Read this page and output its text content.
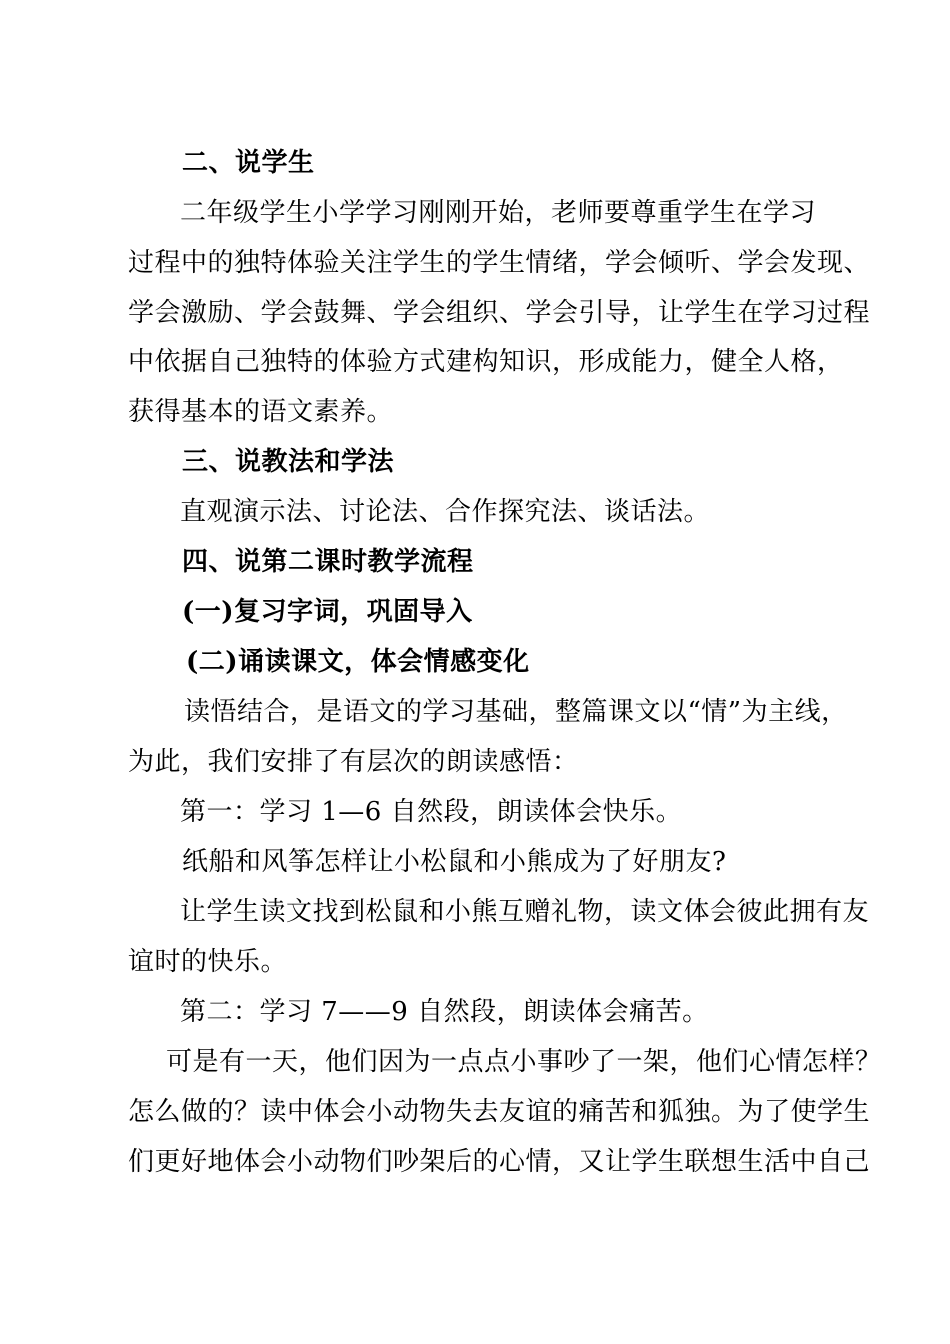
二、说学生
二年级学生小学学习刚刚开始，老师要尊重学生在学习
过程中的独特体验关注学生的学生情绪，学会倾听、学会发现、
学会激励、学会鼓舞、学会组织、学会引导，让学生在学习过程
中依据自己独特的体验方式建构知识，形成能力，健全人格，
获得基本的语文素养。
三、说教法和学法
直观演示法、讨论法、合作探究法、谈话法。
四、说第二课时教学流程
(一)复习字词，巩固导入
(二)诵读课文，体会情感变化
读悟结合，是语文的学习基础，整篇课文以“情”为主线，
为此，我们安排了有层次的朗读感悟：
第一：学习 1—6 自然段，朗读体会快乐。
纸船和风筝怎样让小松鼠和小熊成为了好朋友?
让学生读文找到松鼠和小熊互赠礼物，读文体会彼此拥有友
谊时的快乐。
第二：学习 7——9 自然段，朗读体会痛苦。
可是有一天，他们因为一点点小事吵了一架，他们心情怎样？
怎么做的？读中体会小动物失去友谊的痛苦和狐独。为了使学生
们更好地体会小动物们吵架后的心情，又让学生联想生活中自己
